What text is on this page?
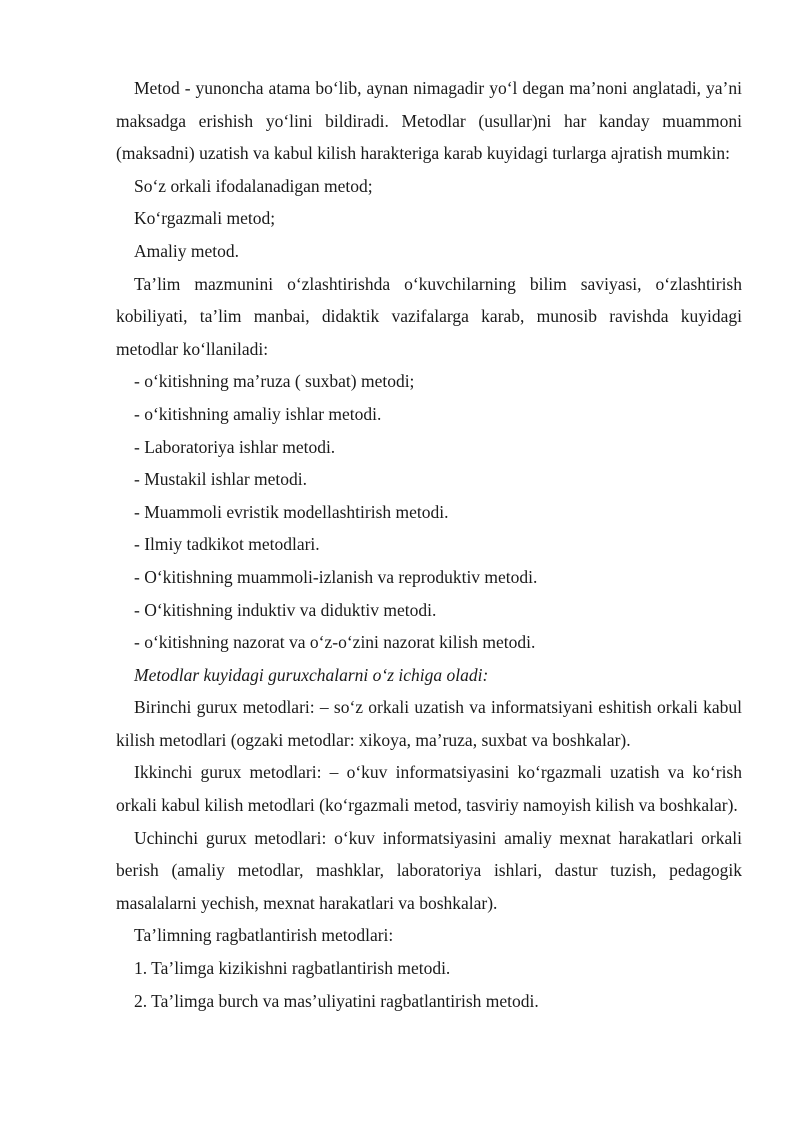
Metod - yunoncha atama bo‘lib, aynan nimagadir yo‘l degan ma’noni anglatadi, ya’ni maksadga erishish yo‘lini bildiradi. Metodlar (usullar)ni har kanday muammoni (maksadni) uzatish va kabul kilish harakteriga karab kuyidagi turlarga ajratish mumkin:

So‘z orkali ifodalanadigan metod;

Ko‘rgazmali metod;

Amaliy metod.

Ta’lim mazmunini o‘zlashtirishda o‘kuvchilarning bilim saviyasi, o‘zlashtirish kobiliyati, ta’lim manbai, didaktik vazifalarga karab, munosib ravishda kuyidagi metodlar ko‘llaniladi:

- o‘kitishning ma’ruza ( suxbat) metodi;

- o‘kitishning amaliy ishlar metodi.

- Laboratoriya ishlar metodi.

- Mustakil ishlar metodi.

- Muammoli evristik modellashtirish metodi.

- Ilmiy tadkikot metodlari.

- O‘kitishning muammoli-izlanish va reproduktiv metodi.

- O‘kitishning induktiv va diduktiv metodi.

- o‘kitishning nazorat va o‘z-o‘zini nazorat kilish metodi.

Metodlar kuyidagi guruxchalarni o‘z ichiga oladi:

Birinchi gurux metodlari: – so‘z orkali uzatish va informatsiyani eshitish orkali kabul kilish metodlari (ogzaki metodlar: xikoya, ma’ruza, suxbat va boshkalar).

Ikkinchi gurux metodlari: – o‘kuv informatsiyasini ko‘rgazmali uzatish va ko‘rish orkali kabul kilish metodlari (ko‘rgazmali metod, tasviriy namoyish kilish va boshkalar).

Uchinchi gurux metodlari: o‘kuv informatsiyasini amaliy mexnat harakatlari orkali berish (amaliy metodlar, mashklar, laboratoriya ishlari, dastur tuzish, pedagogik masalalarni yechish, mexnat harakatlari va boshkalar).

Ta’limning ragbatlantirish metodlari:

1. Ta’limga kizikishni ragbatlantirish metodi.

2. Ta’limga burch va mas’uliyatini ragbatlantirish metodi.
